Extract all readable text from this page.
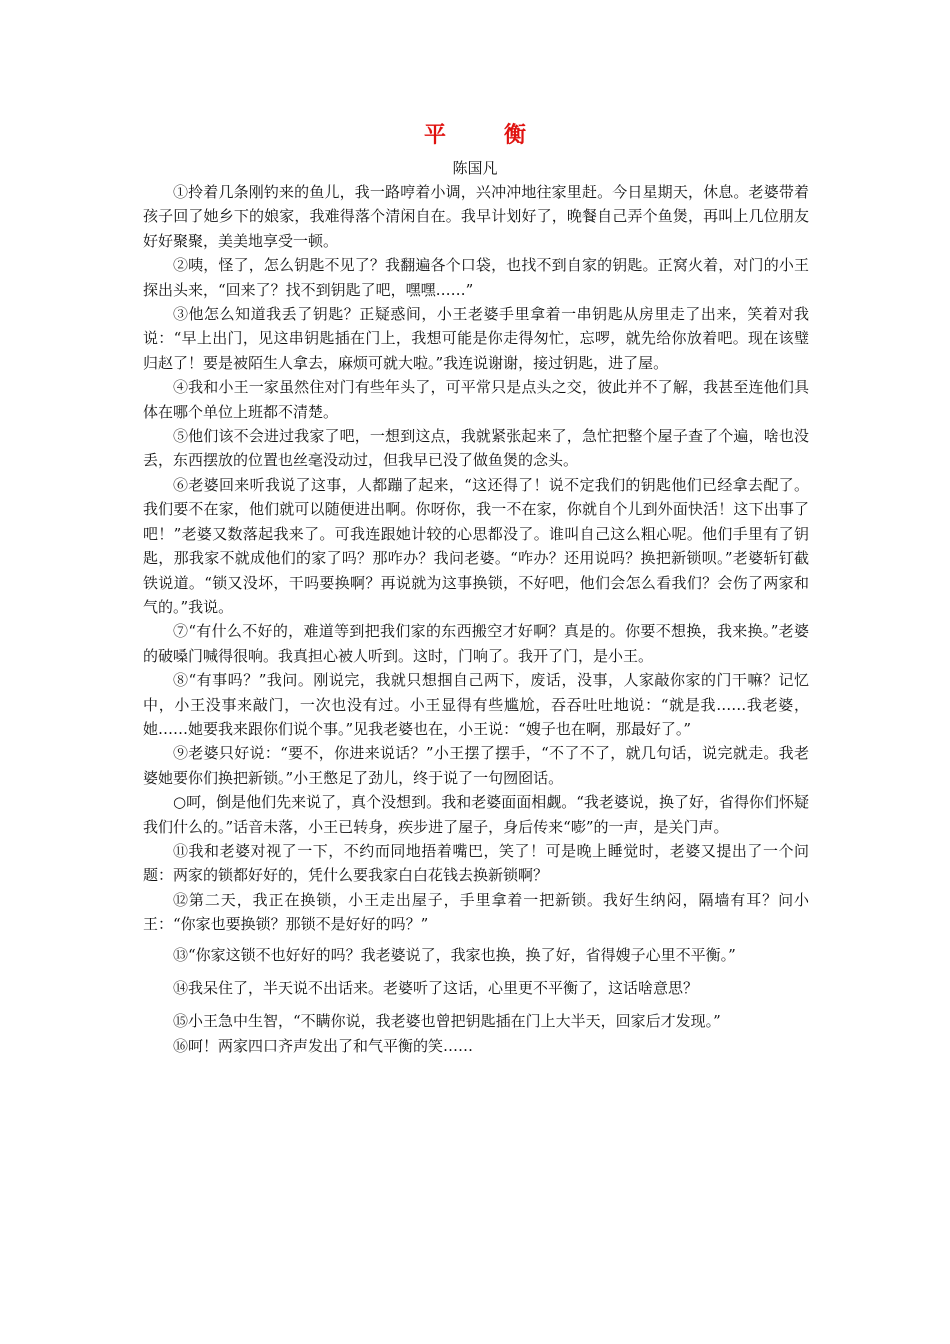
平　衡
陈国凡

①拎着几条刚钓来的鱼儿，我一路哼着小调，兴冲冲地往家里赶。今日星期天，休息。老婆带着孩子回了她乡下的娘家，我难得落个清闲自在。我早计划好了，晚餐自己弄个鱼煲，再叫上几位朋友好好聚聚，美美地享受一顿。

②咦，怪了，怎么钥匙不见了？我翻遍各个口袋，也找不到自家的钥匙。正窝火着，对门的小王探出头来，“回来了？找不到钥匙了吧，嘿嘿……”

③他怎么知道我丢了钥匙？正疑惑间，小王老婆手里拿着一串钥匙从房里走了出来，笑着对我说：“早上出门，见这串钥匙插在门上，我想可能是你走得匆忙，忘啰，就先给你放着吧。现在该璧归赵了！要是被陌生人拿去，麻烦可就大啦。”我连说谢谢，接过钥匙，进了屋。

④我和小王一家虽然住对门有些年头了，可平常只是点头之交，彼此并不了解，我甚至连他们具体在哪个单位上班都不清楚。

⑤他们该不会进过我家了吧，一想到这点，我就紧张起来了，急忙把整个屋子查了个遍，啥也没丢，东西摆放的位置也丝毫没动过，但我早已没了做鱼煲的念头。

⑥老婆回来听我说了这事，人都蹦了起来，“这还得了！说不定我们的钥匙他们已经拿去配了。我们要不在家，他们就可以随便进出啊。你呀你，我一不在家，你就自个儿到外面快活！这下出事了吧！”老婆又数落起我来了。可我连跟她计较的心思都没了。谁叫自己这么粗心呢。他们手里有了钥匙，那我家不就成他们的家了吗？那咋办？我问老婆。“咋办？还用说吗？换把新锁呗。”老婆斩钉截铁说道。“锁又没坏，干吗要换啊？再说就为这事换锁，不好吧，他们会怎么看我们？会伤了两家和气的。”我说。

⑦“有什么不好的，难道等到把我们家的东西搬空才好啊？真是的。你要不想换，我来换。”老婆的破嗓门喊得很响。我真担心被人听到。这时，门响了。我开了门，是小王。

⑧“有事吗？”我问。刚说完，我就只想掴自己两下，废话，没事，人家敲你家的门干嘛？记忆中，小王没事来敲门，一次也没有过。小王显得有些尴尬，吞吞吐吐地说：“就是我……我老婆，她……她要我来跟你们说个事。”见我老婆也在，小王说：“嫂子也在啊，那最好了。”

⑨老婆只好说：“要不，你进来说话？”小王摆了摆手，“不了不了，就几句话，说完就走。我老婆她要你们换把新锁。”小王憋足了劲儿，终于说了一句囫囵话。

○呵，倒是他们先来说了，真个没想到。我和老婆面面相觑。“我老婆说，换了好，省得你们怀疑我们什么的。”话音未落，小王已转身，疾步进了屋子，身后传来“嘭”的一声，是关门声。

⑪我和老婆对视了一下，不约而同地捂着嘴巴，笑了！可是晚上睡觉时，老婆又提出了一个问题：两家的锁都好好的，凭什么要我家白白花钱去换新锁啊？

⑫第二天，我正在换锁，小王走出屋子，手里拿着一把新锁。我好生纳闷，隔墙有耳？问小王：“你家也要换锁？那锁不是好好的吗？”

⑬“你家这锁不也好好的吗？我老婆说了，我家也换，换了好，省得嫂子心里不平衡。”

⑭我呆住了，半天说不出话来。老婆听了这话，心里更不平衡了，这话啥意思？

⑮小王急中生智，“不瞒你说，我老婆也曾把钥匙插在门上大半天，回家后才发现。”

⑯呵！两家四口齐声发出了和气平衡的笑……
